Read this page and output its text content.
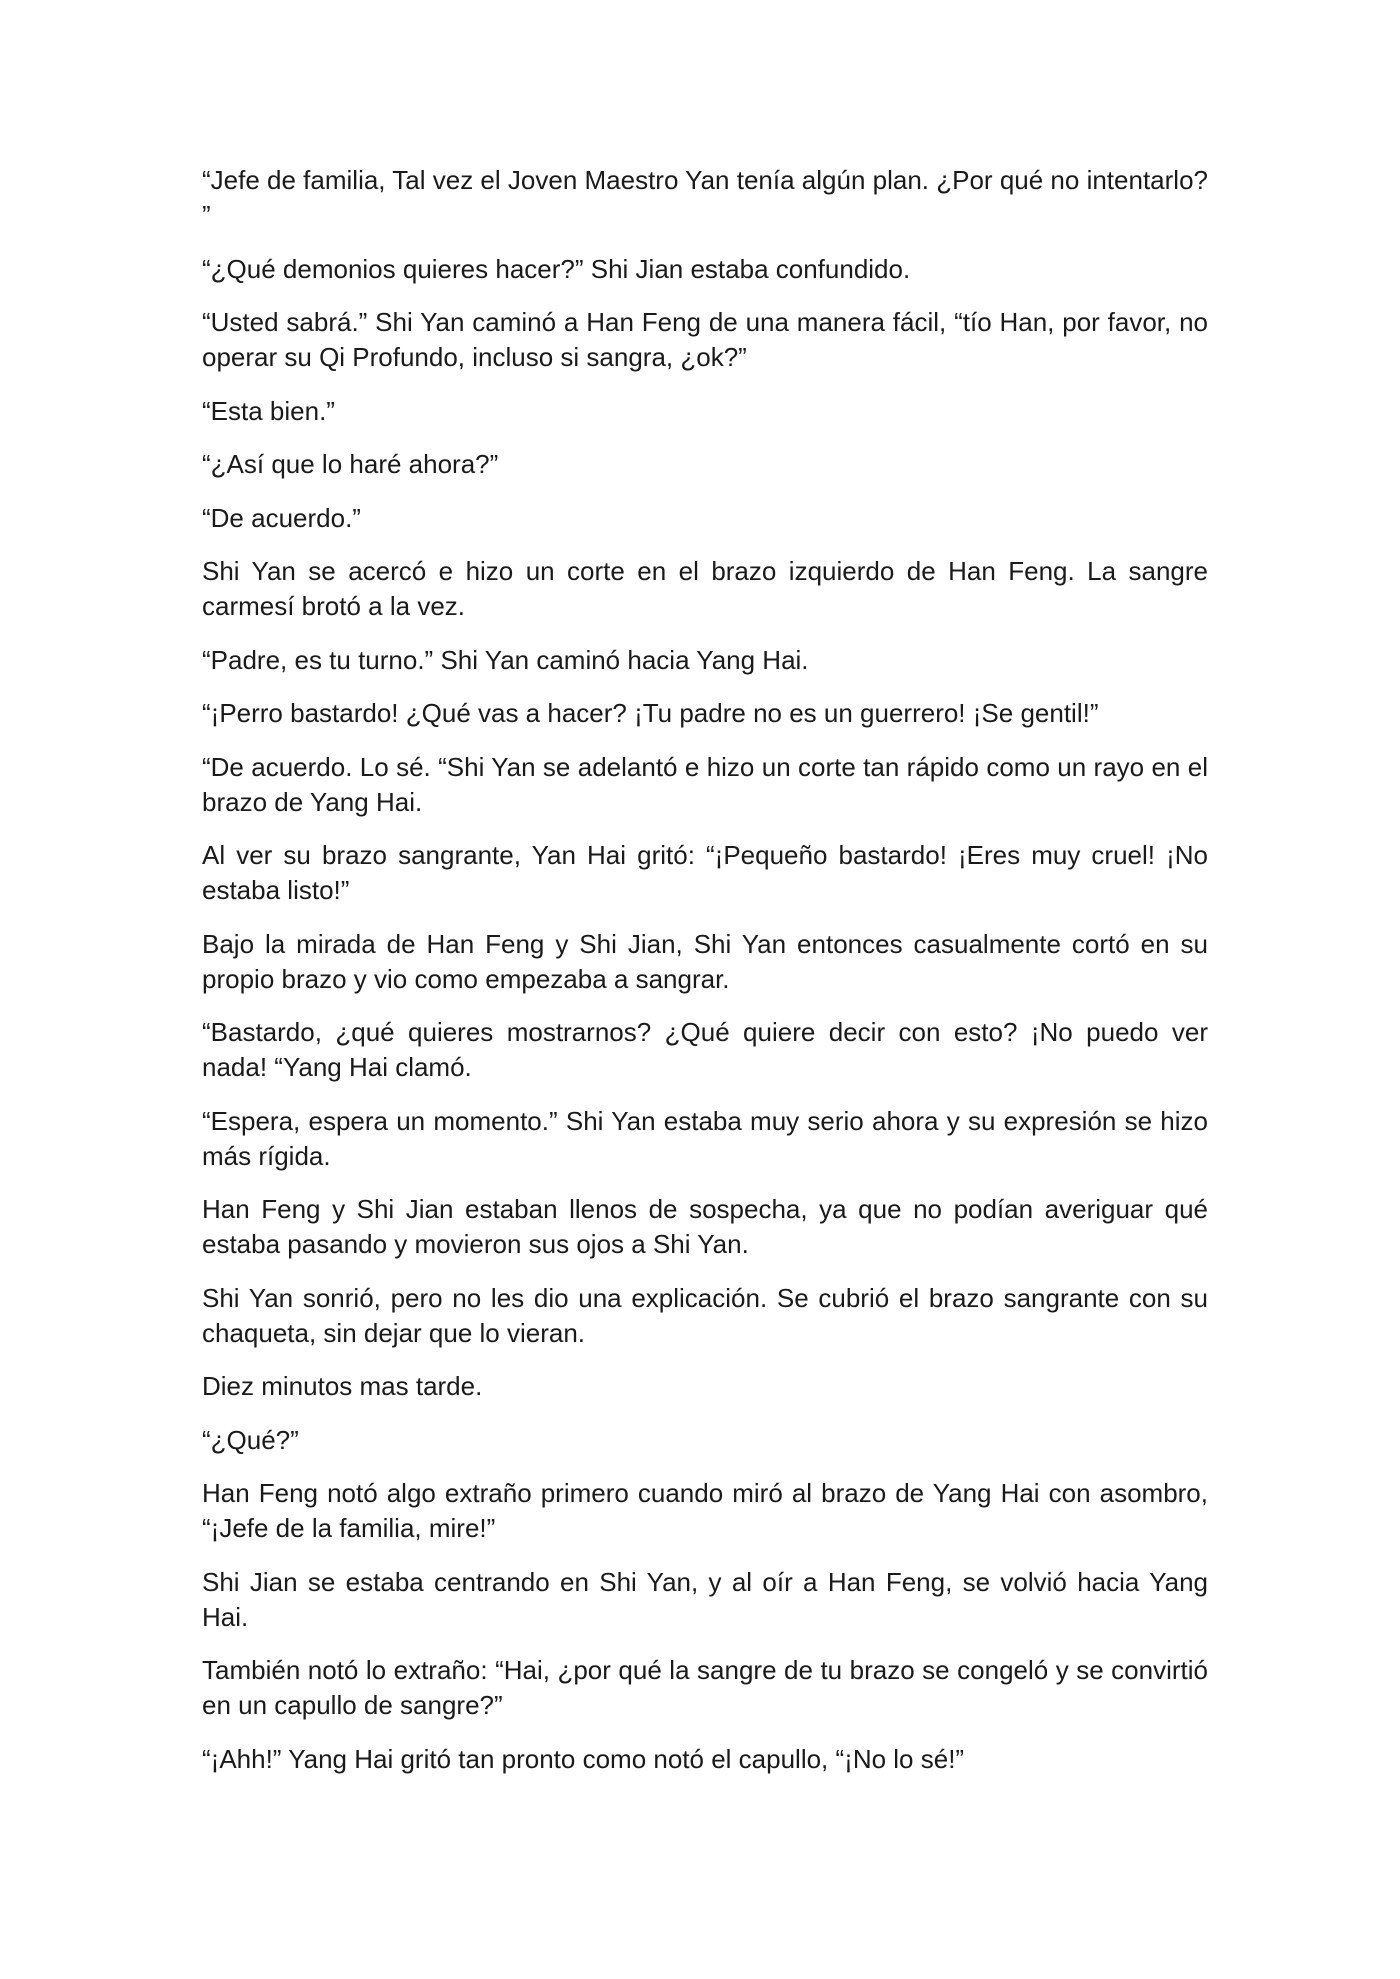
“Jefe de familia, Tal vez el Joven Maestro Yan tenía algún plan. ¿Por qué no intentarlo? ”

“¿Qué demonios quieres hacer?” Shi Jian estaba confundido.

“Usted sabrá.” Shi Yan caminó a Han Feng de una manera fácil, “tío Han, por favor, no operar su Qi Profundo, incluso si sangra, ¿ok?”

“Esta bien.”

“¿Así que lo haré ahora?”

“De acuerdo.”

Shi Yan se acercó e hizo un corte en el brazo izquierdo de Han Feng. La sangre carmesí brotó a la vez.

“Padre, es tu turno.” Shi Yan caminó hacia Yang Hai.

“¡Perro bastardo! ¿Qué vas a hacer? ¡Tu padre no es un guerrero! ¡Se gentil!”

“De acuerdo. Lo sé. “Shi Yan se adelantó e hizo un corte tan rápido como un rayo en el brazo de Yang Hai.

Al ver su brazo sangrante, Yan Hai gritó: “¡Pequeño bastardo! ¡Eres muy cruel! ¡No estaba listo!”

Bajo la mirada de Han Feng y Shi Jian, Shi Yan entonces casualmente cortó en su propio brazo y vio como empezaba a sangrar.

“Bastardo, ¿qué quieres mostrarnos? ¿Qué quiere decir con esto? ¡No puedo ver nada! “Yang Hai clamó.

“Espera, espera un momento.” Shi Yan estaba muy serio ahora y su expresión se hizo más rígida.

Han Feng y Shi Jian estaban llenos de sospecha, ya que no podían averiguar qué estaba pasando y movieron sus ojos a Shi Yan.

Shi Yan sonrió, pero no les dio una explicación. Se cubrió el brazo sangrante con su chaqueta, sin dejar que lo vieran.

Diez minutos mas tarde.

“¿Qué?”

Han Feng notó algo extraño primero cuando miró al brazo de Yang Hai con asombro, “¡Jefe de la familia, mire!”

Shi Jian se estaba centrando en Shi Yan, y al oír a Han Feng, se volvió hacia Yang Hai.

También notó lo extraño: “Hai, ¿por qué la sangre de tu brazo se congeló y se convirtió en un capullo de sangre?”

“¡Ahh!” Yang Hai gritó tan pronto como notó el capullo, “¡No lo sé!”
